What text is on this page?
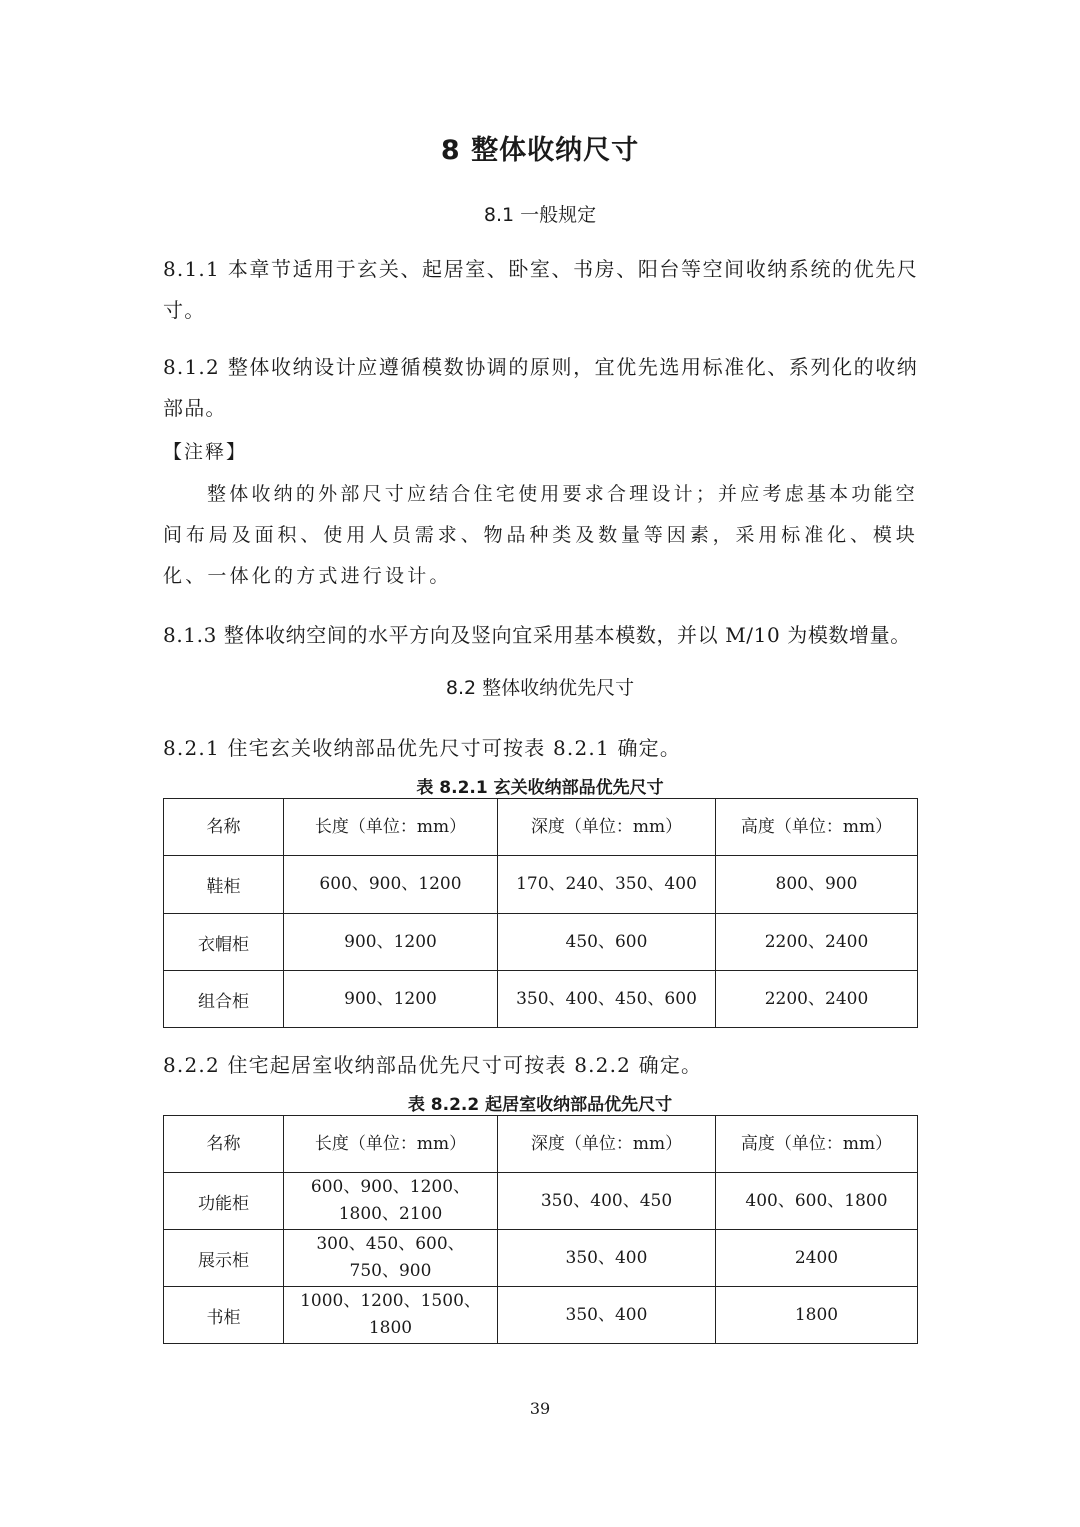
8 整体收纳尺寸
8.1 一般规定
8.1.1 本章节适用于玄关、起居室、卧室、书房、阳台等空间收纳系统的优先尺寸。
8.1.2 整体收纳设计应遵循模数协调的原则，宜优先选用标准化、系列化的收纳部品。
【注释】
整体收纳的外部尺寸应结合住宅使用要求合理设计；并应考虑基本功能空间布局及面积、使用人员需求、物品种类及数量等因素，采用标准化、模块化、一体化的方式进行设计。
8.1.3 整体收纳空间的水平方向及竖向宜采用基本模数，并以 M/10 为模数增量。
8.2 整体收纳优先尺寸
8.2.1 住宅玄关收纳部品优先尺寸可按表 8.2.1 确定。
表 8.2.1 玄关收纳部品优先尺寸
名称	长度（单位：mm）	深度（单位：mm）	高度（单位：mm）
鞋柜	600、900、1200	170、240、350、400	800、900
衣帽柜	900、1200	450、600	2200、2400
组合柜	900、1200	350、400、450、600	2200、2400
8.2.2 住宅起居室收纳部品优先尺寸可按表 8.2.2 确定。
表 8.2.2 起居室收纳部品优先尺寸
名称	长度（单位：mm）	深度（单位：mm）	高度（单位：mm）
功能柜	600、900、1200、1800、2100	350、400、450	400、600、1800
展示柜	300、450、600、750、900	350、400	2400
书柜	1000、1200、1500、1800	350、400	1800
39
